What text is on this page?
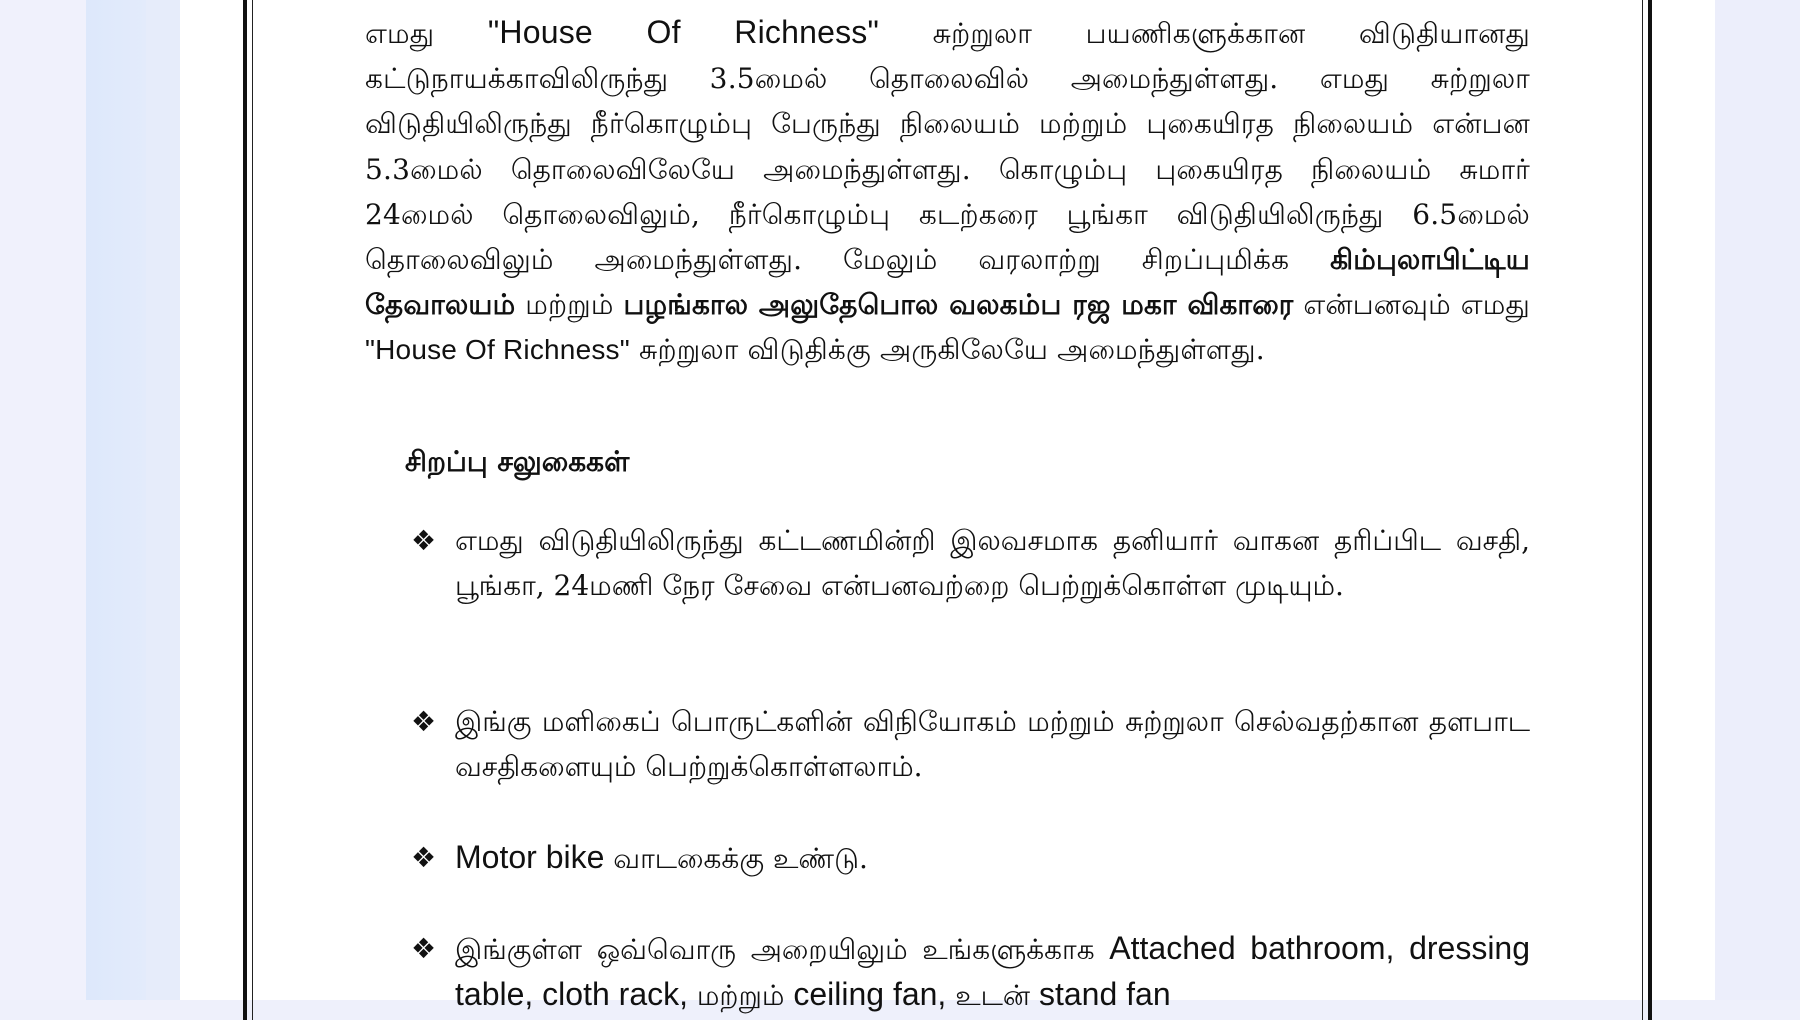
எமது "House Of Richness" சுற்றுலா பயணிகளுக்கான விடுதியானது கட்டுநாயக்காவிலிருந்து 3.5மைல் தொலைவில் அமைந்துள்ளது. எமது சுற்றுலா விடுதியிலிருந்து நீர்கொழும்பு பேருந்து நிலையம் மற்றும் புகையிரத நிலையம் என்பன 5.3மைல் தொலைவிலேயே அமைந்துள்ளது. கொழும்பு புகையிரத நிலையம் சுமார் 24மைல் தொலைவிலும், நீர்கொழும்பு கடற்கரை பூங்கா விடுதியிலிருந்து 6.5மைல் தொலைவிலும் அமைந்துள்ளது. மேலும் வரலாற்று சிறப்புமிக்க கிம்புலாபிட்டிய தேவாலயம் மற்றும் பழங்கால அலுதேபொல வலகம்ப ரஜ மகா விகாரை என்பனவும் எமது "House Of Richness" சுற்றுலா விடுதிக்கு அருகிலேயே அமைந்துள்ளது.

சிறப்பு சலுகைகள்
❖ எமது விடுதியிலிருந்து கட்டணமின்றி இலவசமாக தனியார் வாகன தரிப்பிட வசதி, பூங்கா, 24மணி நேர சேவை என்பனவற்றை பெற்றுக்கொள்ள முடியும்.
❖ இங்கு மளிகைப் பொருட்களின் விநியோகம் மற்றும் சுற்றுலா செல்வதற்கான தளபாட வசதிகளையும் பெற்றுக்கொள்ளலாம்.
❖ Motor bike வாடகைக்கு உண்டு.
❖ இங்குள்ள ஒவ்வொரு அறையிலும் உங்களுக்காக Attached bathroom, dressing table, cloth rack, மற்றும் ceiling fan, உடன் stand fan
